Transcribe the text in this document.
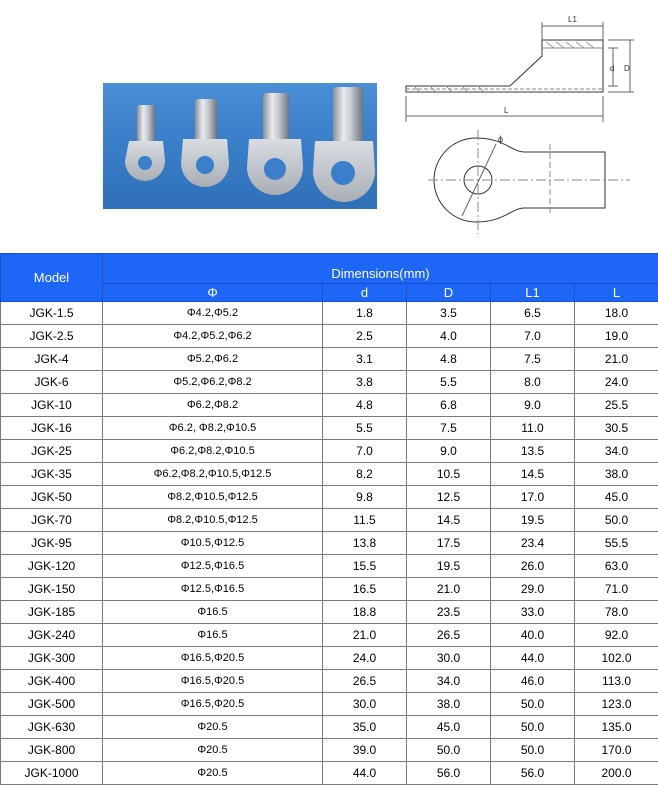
L1
d D
L
ϕ
Model	Dimensions(mm)				
	Φ	d	D	L1	L
JGK-1.5	Φ4.2,Φ5.2	1.8	3.5	6.5	18.0
JGK-2.5	Φ4.2,Φ5.2,Φ6.2	2.5	4.0	7.0	19.0
JGK-4	Φ5.2,Φ6.2	3.1	4.8	7.5	21.0
JGK-6	Φ5.2,Φ6.2,Φ8.2	3.8	5.5	8.0	24.0
JGK-10	Φ6.2,Φ8.2	4.8	6.8	9.0	25.5
JGK-16	Φ6.2, Φ8.2,Φ10.5	5.5	7.5	11.0	30.5
JGK-25	Φ6.2,Φ8.2,Φ10.5	7.0	9.0	13.5	34.0
JGK-35	Φ6.2,Φ8.2,Φ10.5,Φ12.5	8.2	10.5	14.5	38.0
JGK-50	Φ8.2,Φ10.5,Φ12.5	9.8	12.5	17.0	45.0
JGK-70	Φ8.2,Φ10.5,Φ12.5	11.5	14.5	19.5	50.0
JGK-95	Φ10.5,Φ12.5	13.8	17.5	23.4	55.5
JGK-120	Φ12.5,Φ16.5	15.5	19.5	26.0	63.0
JGK-150	Φ12.5,Φ16.5	16.5	21.0	29.0	71.0
JGK-185	Φ16.5	18.8	23.5	33.0	78.0
JGK-240	Φ16.5	21.0	26.5	40.0	92.0
JGK-300	Φ16.5,Φ20.5	24.0	30.0	44.0	102.0
JGK-400	Φ16.5,Φ20.5	26.5	34.0	46.0	113.0
JGK-500	Φ16.5,Φ20.5	30.0	38.0	50.0	123.0
JGK-630	Φ20.5	35.0	45.0	50.0	135.0
JGK-800	Φ20.5	39.0	50.0	50.0	170.0
JGK-1000	Φ20.5	44.0	56.0	56.0	200.0
